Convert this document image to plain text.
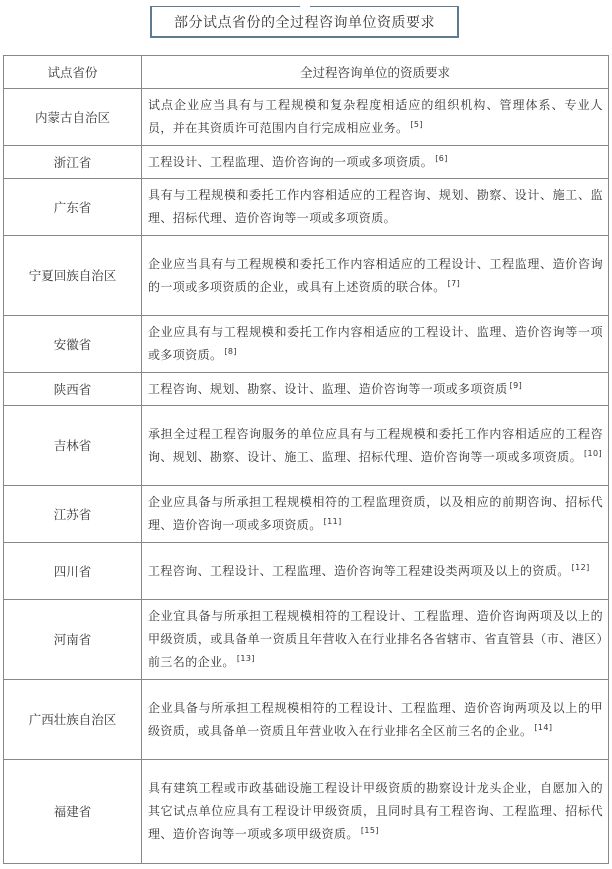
部分试点省份的全过程咨询单位资质要求
试点省份	全过程咨询单位的资质要求
内蒙古自治区	试点企业应当具有与工程规模和复杂程度相适应的组织机构、管理体系、专业人员，并在其资质许可范围内自行完成相应业务。 [5]
浙江省	工程设计、工程监理、造价咨询的一项或多项资质。 [6]
广东省	具有与工程规模和委托工作内容相适应的工程咨询、规划、勘察、设计、施工、监理、招标代理、造价咨询等一项或多项资质。
宁夏回族自治区	企业应当具有与工程规模和委托工作内容相适应的工程设计、工程监理、造价咨询的一项或多项资质的企业，或具有上述资质的联合体。 [7]
安徽省	企业应具有与工程规模和委托工作内容相适应的工程设计、监理、造价咨询等一项或多项资质。 [8]
陕西省	工程咨询、规划、勘察、设计、监理、造价咨询等一项或多项资质 [9]
吉林省	承担全过程工程咨询服务的单位应具有与工程规模和委托工作内容相适应的工程咨询、规划、勘察、设计、施工、监理、招标代理、造价咨询等一项或多项资质。 [10]
江苏省	企业应具备与所承担工程规模相符的工程监理资质，以及相应的前期咨询、招标代理、造价咨询一项或多项资质。 [11]
四川省	工程咨询、工程设计、工程监理、造价咨询等工程建设类两项及以上的资质。 [12]
河南省	企业宜具备与所承担工程规模相符的工程设计、工程监理、造价咨询两项及以上的甲级资质，或具备单一资质且年营收入在行业排名各省辖市、省直管县（市、港区）前三名的企业。 [13]
广西壮族自治区	企业具备与所承担工程规模相符的工程设计、工程监理、造价咨询两项及以上的甲级资质，或具备单一资质且年营业收入在行业排名全区前三名的企业。 [14]
福建省	具有建筑工程或市政基础设施工程设计甲级资质的勘察设计龙头企业，自愿加入的其它试点单位应具有工程设计甲级资质，且同时具有工程咨询、工程监理、招标代理、造价咨询等一项或多项甲级资质。 [15]
